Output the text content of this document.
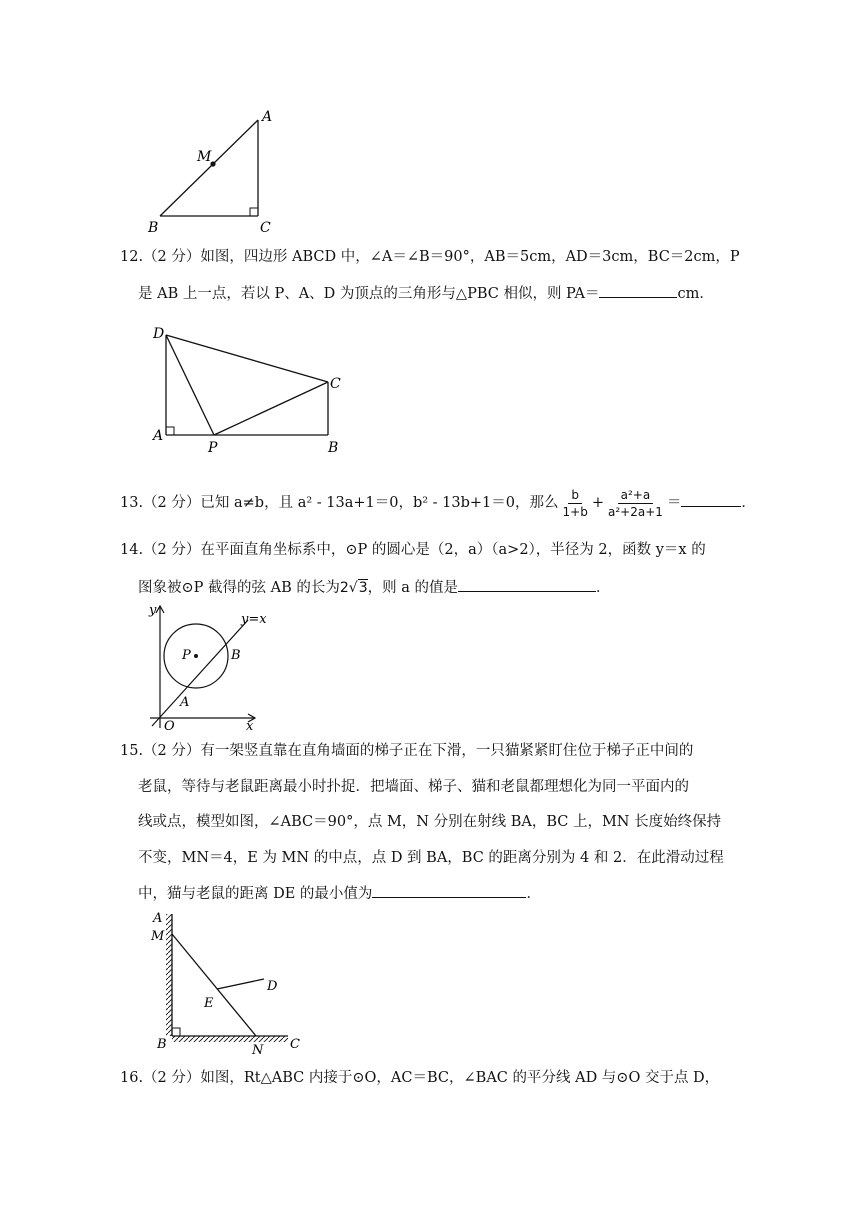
A
M
B	C
12.（2 分）如图，四边形 ABCD 中，∠A＝∠B＝90°，AB＝5cm，AD＝3cm，BC＝2cm，P
是 AB 上一点，若以 P、A、D 为顶点的三角形与△PBC 相似，则 PA＝	cm．
D
C
A
B
P
13.（2 分）已知 a≠b，且 a² - 13a+1＝0，b² - 13b+1＝0，那么 $\frac{b}{1+b} + \frac{\text{a²+a}}{\text{a²+2a+1}}$ ＝	．
14.（2 分）在平面直角坐标系中，⊙P 的圆心是（2，a）（a>2），半径为 2，函数 y＝x 的
图象被⊙P 截得的弦 AB 的长为2√3，则 a 的值是	．
y
x
O
P
A
B
y=x
15.（2 分）有一架竖直靠在直角墙面的梯子正在下滑，一只猫紧紧盯住位于梯子正中间的
老鼠，等待与老鼠距离最小时扑捉．把墙面、梯子、猫和老鼠都理想化为同一平面内的
线或点，模型如图，∠ABC＝90°，点 M，N 分别在射线 BA，BC 上，MN 长度始终保持
不变，MN＝4，E 为 MN 的中点，点 D 到 BA，BC 的距离分别为 4 和 2．在此滑动过程
中，猫与老鼠的距离 DE 的最小值为	．
A
M
E
D
B	N C
16.（2 分）如图，Rt△ABC 内接于⊙O，AC＝BC，∠BAC 的平分线 AD 与⊙O 交于点 D，
